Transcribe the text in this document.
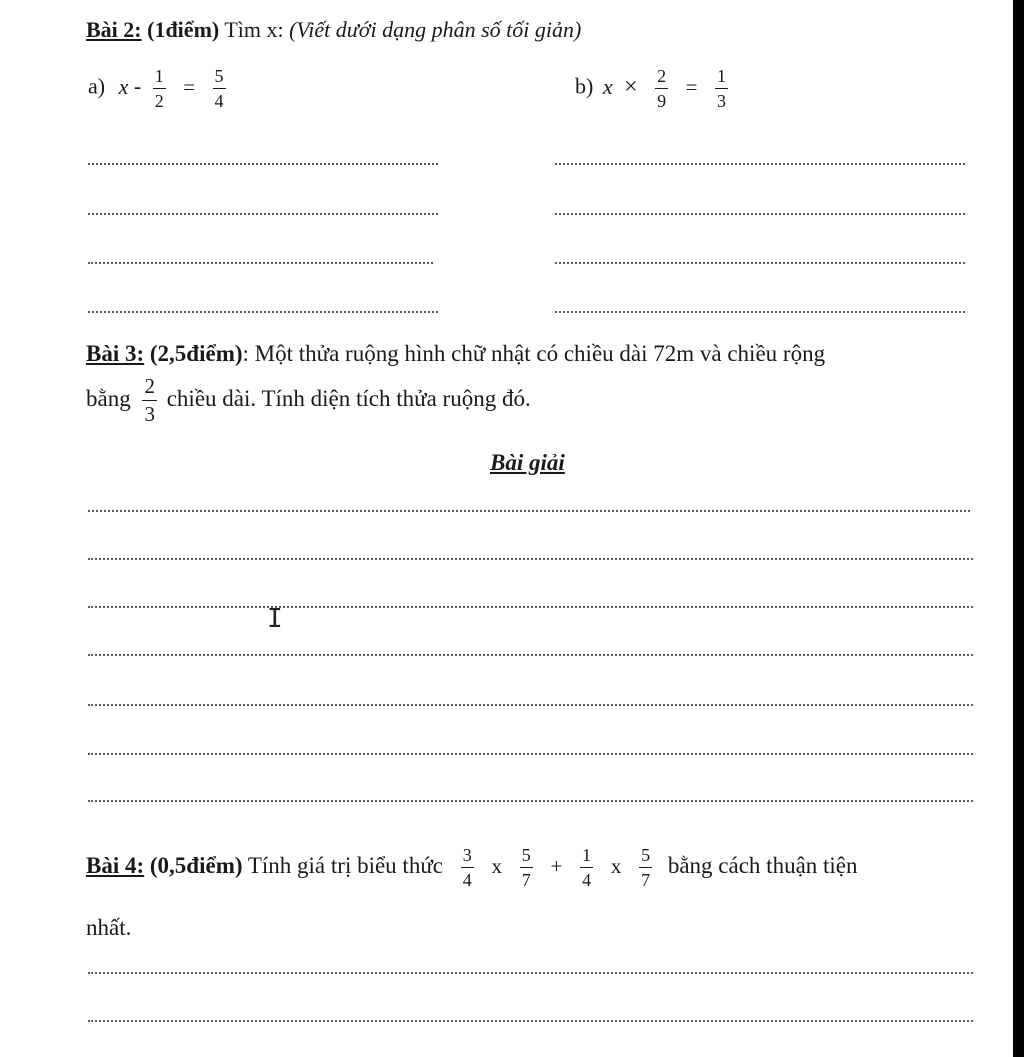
Bài 2: (1điểm) Tìm x: (Viết dưới dạng phân số tối giản)
a) $x - \frac{1}{2} = \frac{5}{4}$	b) $x \times \frac{2}{9} = \frac{1}{3}$
Bài 3: (2,5điểm): Một thửa ruộng hình chữ nhật có chiều dài 72m và chiều rộng
bằng $\frac{2}{3}$ chiều dài. Tính diện tích thửa ruộng đó.
Bài giải
I
Bài 4: (0,5điểm) Tính giá trị biểu thức $\frac{3}{4}$ x $\frac{5}{7} + \frac{1}{4}$ x $\frac{5}{7}$ bằng cách thuận tiện
nhất.
